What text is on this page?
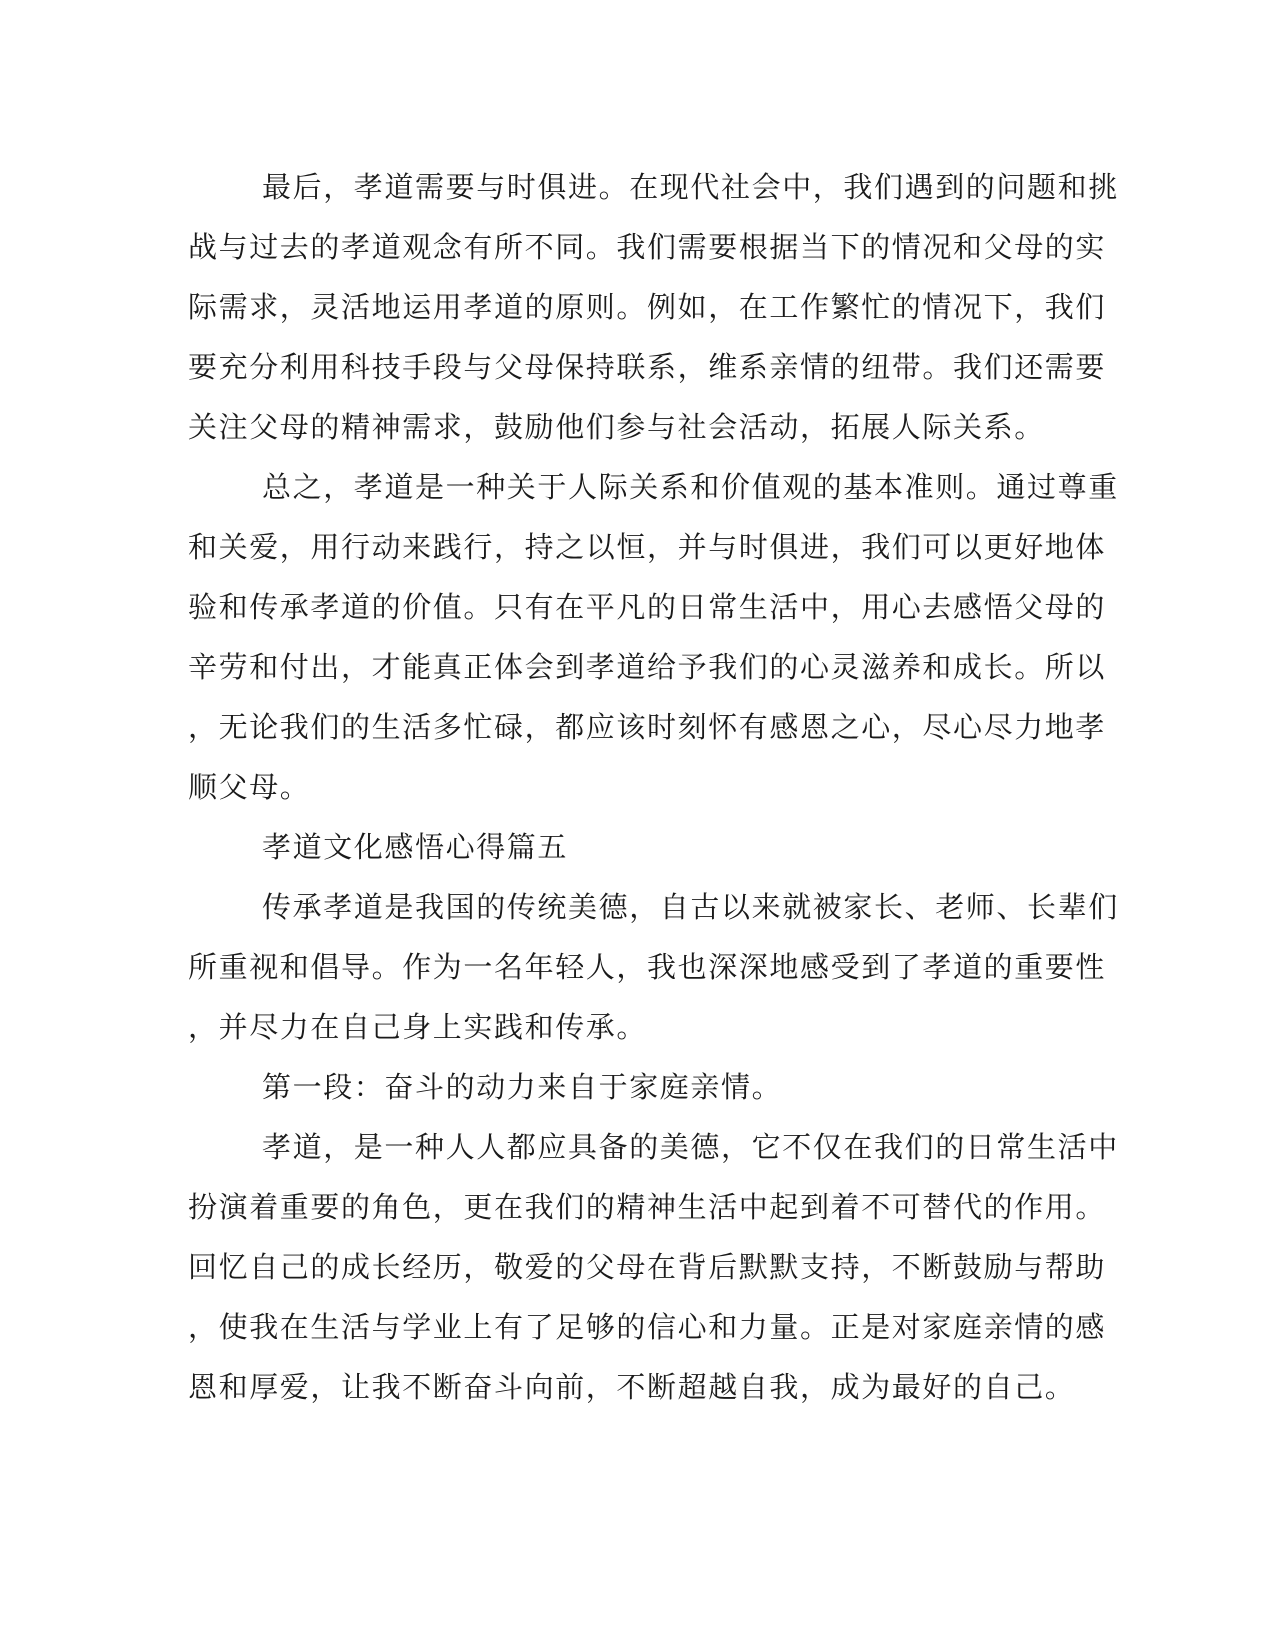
最后，孝道需要与时俱进。在现代社会中，我们遇到的问题和挑
战与过去的孝道观念有所不同。我们需要根据当下的情况和父母的实
际需求，灵活地运用孝道的原则。例如，在工作繁忙的情况下，我们
要充分利用科技手段与父母保持联系，维系亲情的纽带。我们还需要
关注父母的精神需求，鼓励他们参与社会活动，拓展人际关系。
总之，孝道是一种关于人际关系和价值观的基本准则。通过尊重
和关爱，用行动来践行，持之以恒，并与时俱进，我们可以更好地体
验和传承孝道的价值。只有在平凡的日常生活中，用心去感悟父母的
辛劳和付出，才能真正体会到孝道给予我们的心灵滋养和成长。所以
，无论我们的生活多忙碌，都应该时刻怀有感恩之心，尽心尽力地孝
顺父母。
孝道文化感悟心得篇五
传承孝道是我国的传统美德，自古以来就被家长、老师、长辈们
所重视和倡导。作为一名年轻人，我也深深地感受到了孝道的重要性
，并尽力在自己身上实践和传承。
第一段：奋斗的动力来自于家庭亲情。
孝道，是一种人人都应具备的美德，它不仅在我们的日常生活中
扮演着重要的角色，更在我们的精神生活中起到着不可替代的作用。
回忆自己的成长经历，敬爱的父母在背后默默支持，不断鼓励与帮助
，使我在生活与学业上有了足够的信心和力量。正是对家庭亲情的感
恩和厚爱，让我不断奋斗向前，不断超越自我，成为最好的自己。
